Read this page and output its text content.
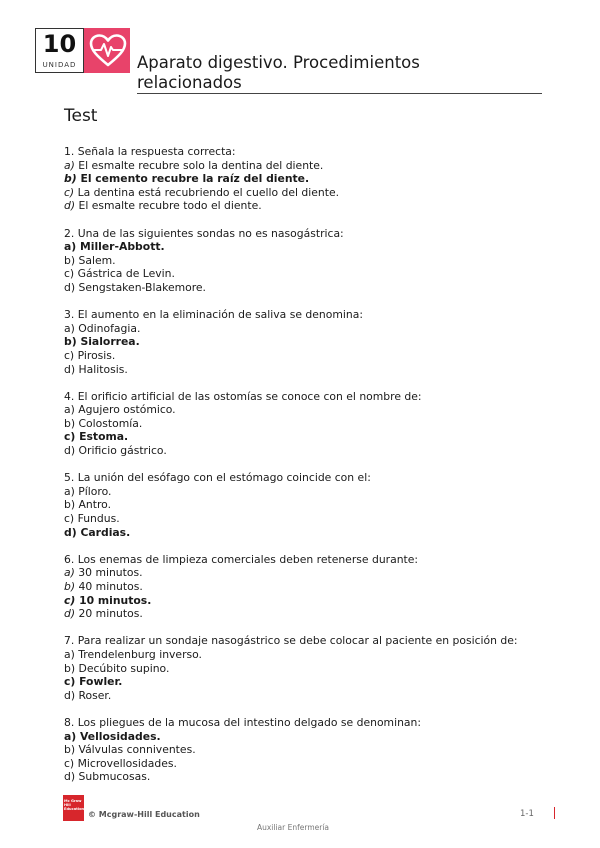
10
UNIDAD	Aparato digestivo. Procedimientos relacionados
Test
1. Señala la respuesta correcta:
a) El esmalte recubre solo la dentina del diente.
b) El cemento recubre la raíz del diente.
c) La dentina está recubriendo el cuello del diente.
d) El esmalte recubre todo el diente.
2. Una de las siguientes sondas no es nasogástrica:
a) Miller-Abbott.
b) Salem.
c) Gástrica de Levin.
d) Sengstaken-Blakemore.
3. El aumento en la eliminación de saliva se denomina:
a) Odinofagia.
b) Sialorrea.
c) Pirosis.
d) Halitosis.
4. El orificio artificial de las ostomías se conoce con el nombre de:
a) Agujero ostómico.
b) Colostomía.
c) Estoma.
d) Orificio gástrico.
5. La unión del esófago con el estómago coincide con el:
a) Píloro.
b) Antro.
c) Fundus.
d) Cardias.
6. Los enemas de limpieza comerciales deben retenerse durante:
a) 30 minutos.
b) 40 minutos.
c) 10 minutos.
d) 20 minutos.
7. Para realizar un sondaje nasogástrico se debe colocar al paciente en posición de:
a) Trendelenburg inverso.
b) Decúbito supino.
c) Fowler.
d) Roser.
8. Los pliegues de la mucosa del intestino delgado se denominan:
a) Vellosidades.
b) Válvulas conniventes.
c) Microvellosidades.
d) Submucosas.
Mc Graw Hill Education
© Mcgraw-Hill Education	1-1
Auxiliar Enfermería
